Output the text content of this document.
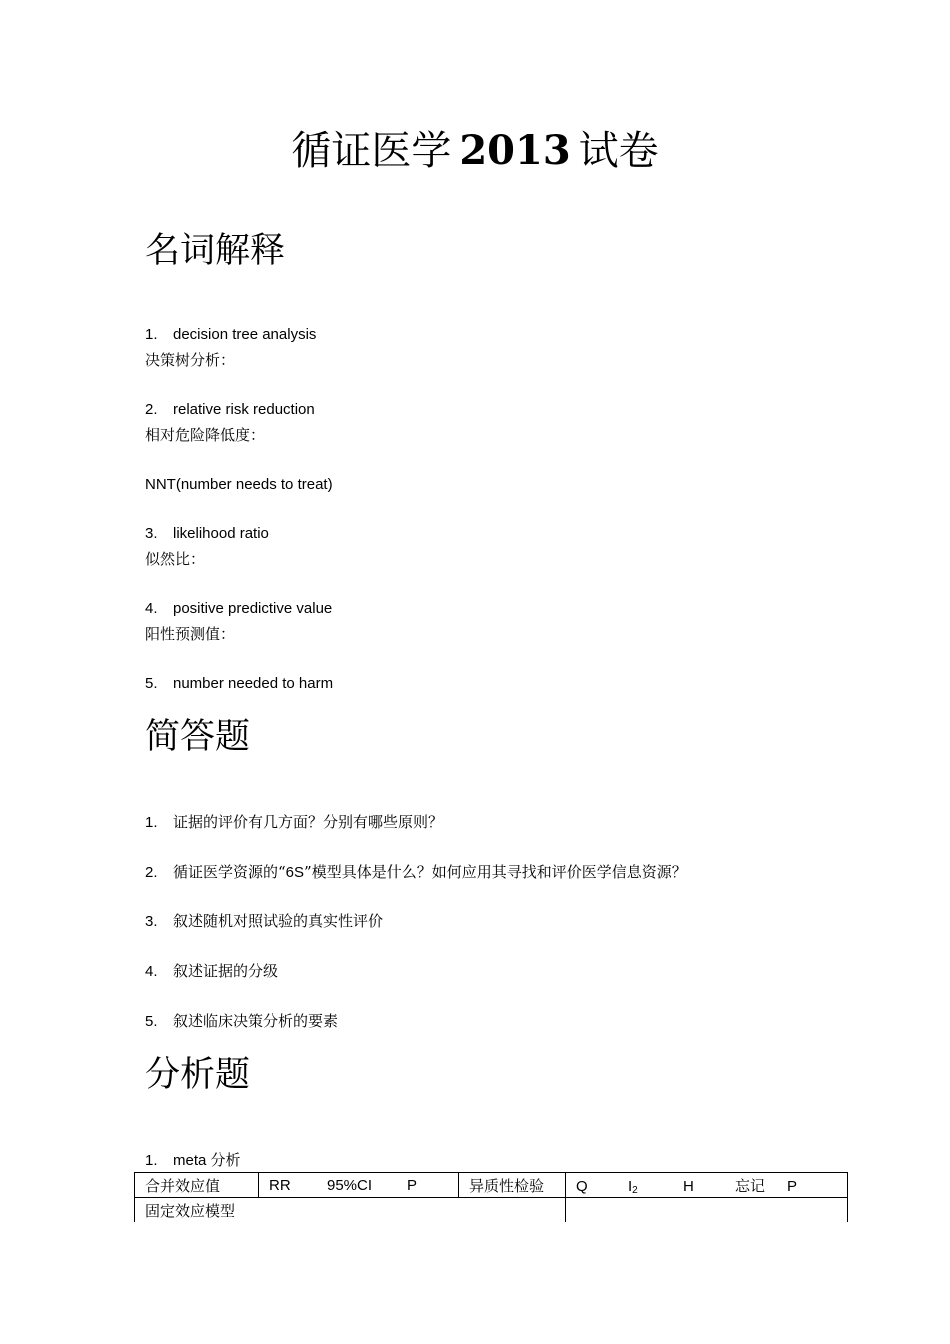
循证医学 2013 试卷
名词解释
1. decision tree analysis
决策树分析：
2. relative risk reduction
相对危险降低度：
NNT(number needs to treat)
3. likelihood ratio
似然比：
4. positive predictive value
阳性预测值：
5. number needed to harm
简答题
1. 证据的评价有几方面？分别有哪些原则？
2. 循证医学资源的“6S”模型具体是什么？如何应用其寻找和评价医学信息资源？
3. 叙述随机对照试验的真实性评价
4. 叙述证据的分级
5. 叙述临床决策分析的要素
分析题
1. meta 分析
合并效应值	RR 95%CI P	异质性检验	Q $I_2$ H 忘记 P
固定效应模型			
